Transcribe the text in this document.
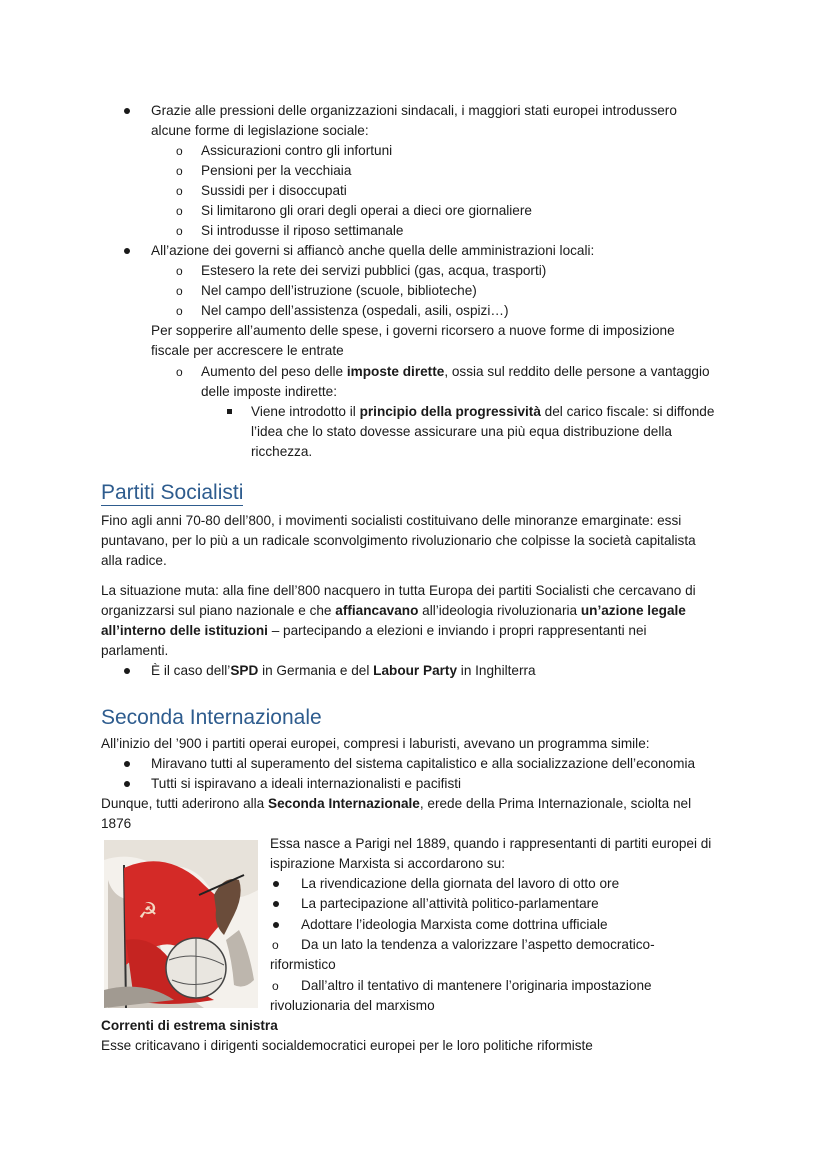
Grazie alle pressioni delle organizzazioni sindacali, i maggiori stati europei introdussero
alcune forme di legislazione sociale:
o Assicurazioni contro gli infortuni
o Pensioni per la vecchiaia
o Sussidi per i disoccupati
o Si limitarono gli orari degli operai a dieci ore giornaliere
o Si introdusse il riposo settimanale
All’azione dei governi si affiancò anche quella delle amministrazioni locali:
o Estesero la rete dei servizi pubblici (gas, acqua, trasporti)
o Nel campo dell’istruzione (scuole, biblioteche)
o Nel campo dell’assistenza (ospedali, asili, ospizi…)
Per sopperire all’aumento delle spese, i governi ricorsero a nuove forme di imposizione
fiscale per accrescere le entrate
o Aumento del peso delle imposte dirette, ossia sul reddito delle persone a vantaggio
delle imposte indirette:
Viene introdotto il principio della progressività del carico fiscale: si diffonde
l’idea che lo stato dovesse assicurare una più equa distribuzione della
ricchezza.
Partiti Socialisti
Fino agli anni 70-80 dell’800, i movimenti socialisti costituivano delle minoranze emarginate: essi
puntavano, per lo più a un radicale sconvolgimento rivoluzionario che colpisse la società capitalista
alla radice.
La situazione muta: alla fine dell’800 nacquero in tutta Europa dei partiti Socialisti che cercavano di
organizzarsi sul piano nazionale e che affiancavano all’ideologia rivoluzionaria un’azione legale
all’interno delle istituzioni – partecipando a elezioni e inviando i propri rappresentanti nei
parlamenti.
È il caso dell’SPD in Germania e del Labour Party in Inghilterra
Seconda Internazionale
All’inizio del ’900 i partiti operai europei, compresi i laburisti, avevano un programma simile:
Miravano tutti al superamento del sistema capitalistico e alla socializzazione dell’economia
Tutti si ispiravano a ideali internazionalisti e pacifisti
Dunque, tutti aderirono alla Seconda Internazionale, erede della Prima Internazionale, sciolta nel
1876
☭
Essa nasce a Parigi nel 1889, quando i rappresentanti di partiti europei di
ispirazione Marxista si accordarono su:
La rivendicazione della giornata del lavoro di otto ore
La partecipazione all’attività politico-parlamentare
Adottare l’ideologia Marxista come dottrina ufficiale
o Da un lato la tendenza a valorizzare l’aspetto democratico-
riformistico
o Dall’altro il tentativo di mantenere l’originaria impostazione
rivoluzionaria del marxismo
Correnti di estrema sinistra
Esse criticavano i dirigenti socialdemocratici europei per le loro politiche riformiste
